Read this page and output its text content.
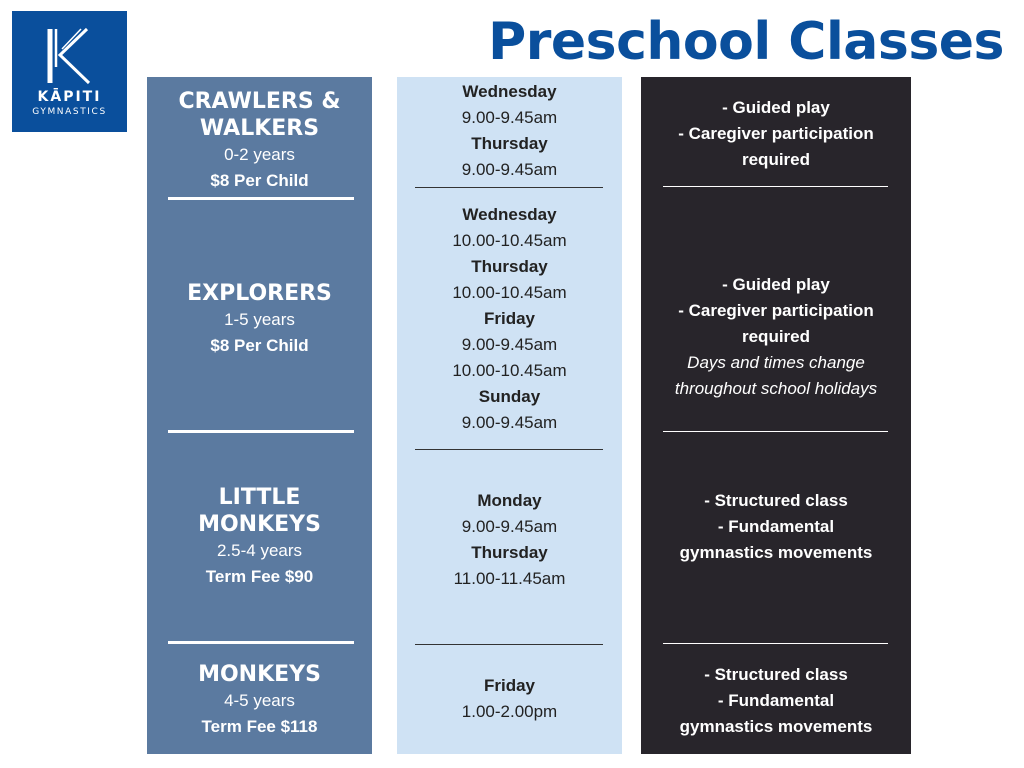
KĀPITI
GYMNASTICS
Preschool Classes
CRAWLERS &
WALKERS
0-2 years
$8 Per Child
EXPLORERS
1-5 years
$8 Per Child
LITTLE
MONKEYS
2.5-4 years
Term Fee $90
MONKEYS
4-5 years
Term Fee $118
Wednesday
9.00-9.45am
Thursday
9.00-9.45am
Wednesday
10.00-10.45am
Thursday
10.00-10.45am
Friday
9.00-9.45am
10.00-10.45am
Sunday
9.00-9.45am
Monday
9.00-9.45am
Thursday
11.00-11.45am
Friday
1.00-2.00pm
- Guided play
- Caregiver participation
required
- Guided play
- Caregiver participation
required
Days and times change
throughout school holidays
- Structured class
- Fundamental
gymnastics movements
- Structured class
- Fundamental
gymnastics movements
